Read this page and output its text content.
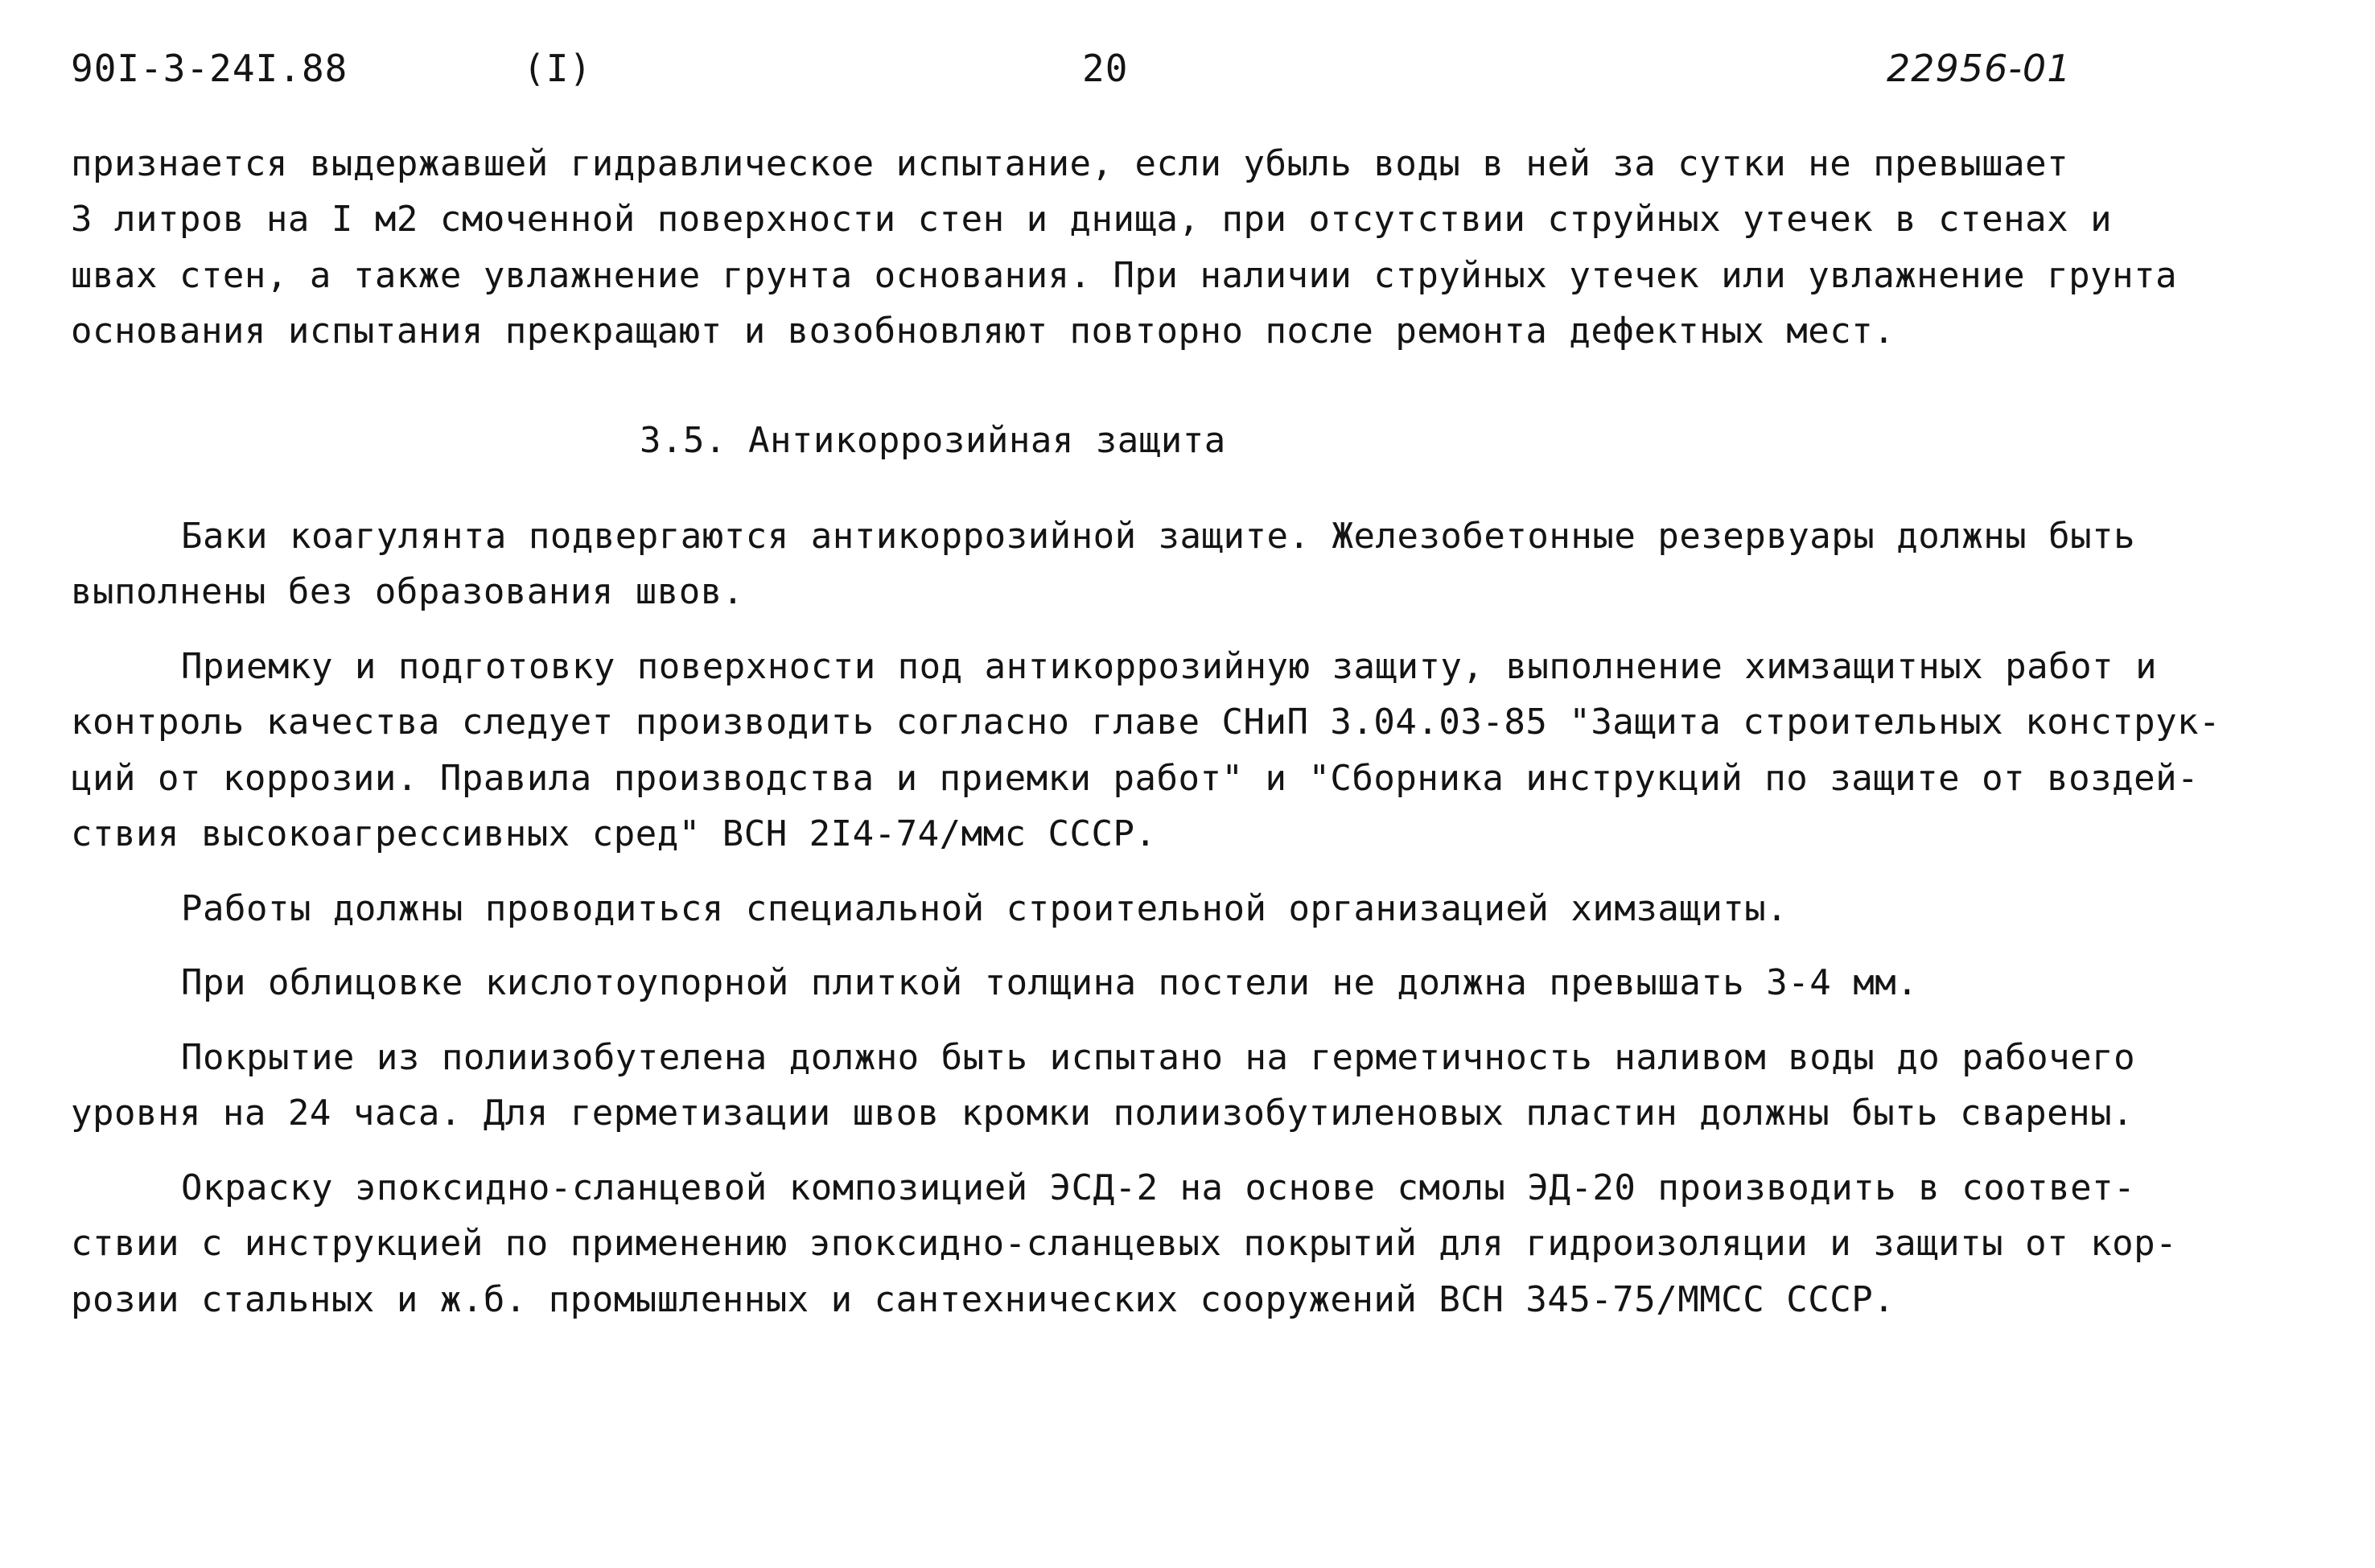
90I-3-24I.88	(I)	20	22956-01
признается выдержавшей гидравлическое испытание, если убыль воды в ней за сутки не превышает
3 литров на I м2 смоченной поверхности стен и днища, при отсутствии струйных утечек в стенах и
швах стен, а также увлажнение грунта основания. При наличии струйных утечек или увлажнение грунта
основания испытания прекращают и возобновляют повторно после ремонта дефектных мест.
3.5. Антикоррозийная защита
Баки коагулянта подвергаются антикоррозийной защите. Железобетонные резервуары должны быть
выполнены без образования швов.
Приемку и подготовку поверхности под антикоррозийную защиту, выполнение химзащитных работ и
контроль качества следует производить согласно главе СНиП 3.04.03-85 "Защита строительных конструк-
ций от коррозии. Правила производства и приемки работ" и "Сборника инструкций по защите от воздей-
ствия высокоагрессивных сред" ВСН 2I4-74/ммс СССР.
Работы должны проводиться специальной строительной организацией химзащиты.
При облицовке кислотоупорной плиткой толщина постели не должна превышать 3-4 мм.
Покрытие из полиизобутелена должно быть испытано на герметичность наливом воды до рабочего
уровня на 24 часа. Для герметизации швов кромки полиизобутиленовых пластин должны быть сварены.
Окраску эпоксидно-сланцевой композицией ЭСД-2 на основе смолы ЭД-20 производить в соответ-
ствии с инструкцией по применению эпоксидно-сланцевых покрытий для гидроизоляции и защиты от кор-
розии стальных и ж.б. промышленных и сантехнических сооружений ВСН 345-75/ММСС СССР.
